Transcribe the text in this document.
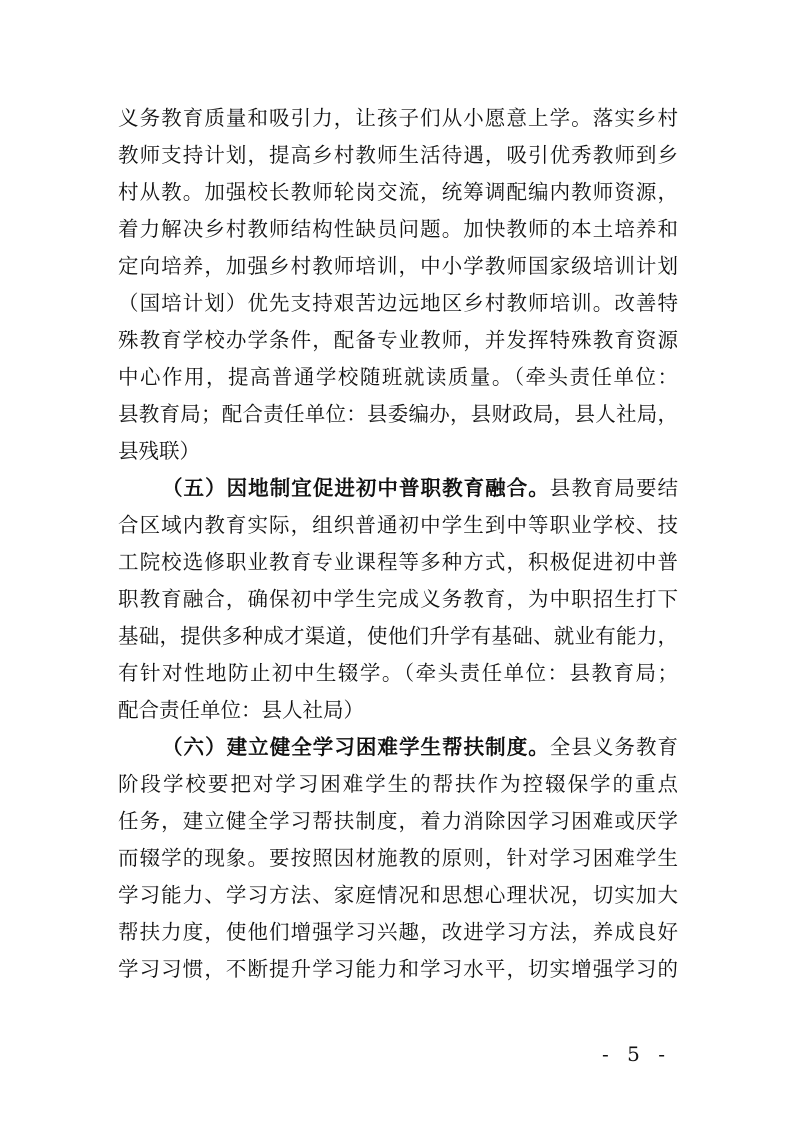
义务教育质量和吸引力，让孩子们从小愿意上学。落实乡村
教师支持计划，提高乡村教师生活待遇，吸引优秀教师到乡
村从教。加强校长教师轮岗交流，统筹调配编内教师资源，
着力解决乡村教师结构性缺员问题。加快教师的本土培养和
定向培养，加强乡村教师培训，中小学教师国家级培训计划
（国培计划）优先支持艰苦边远地区乡村教师培训。改善特
殊教育学校办学条件，配备专业教师，并发挥特殊教育资源
中心作用，提高普通学校随班就读质量。（牵头责任单位：
县教育局；配合责任单位：县委编办，县财政局，县人社局，
县残联）
（五）因地制宜促进初中普职教育融合。县教育局要结
合区域内教育实际，组织普通初中学生到中等职业学校、技
工院校选修职业教育专业课程等多种方式，积极促进初中普
职教育融合，确保初中学生完成义务教育，为中职招生打下
基础，提供多种成才渠道，使他们升学有基础、就业有能力，
有针对性地防止初中生辍学。（牵头责任单位：县教育局；
配合责任单位：县人社局）
（六）建立健全学习困难学生帮扶制度。全县义务教育
阶段学校要把对学习困难学生的帮扶作为控辍保学的重点
任务，建立健全学习帮扶制度，着力消除因学习困难或厌学
而辍学的现象。要按照因材施教的原则，针对学习困难学生
学习能力、学习方法、家庭情况和思想心理状况，切实加大
帮扶力度，使他们增强学习兴趣，改进学习方法，养成良好
学习习惯，不断提升学习能力和学习水平，切实增强学习的
- 5 -
